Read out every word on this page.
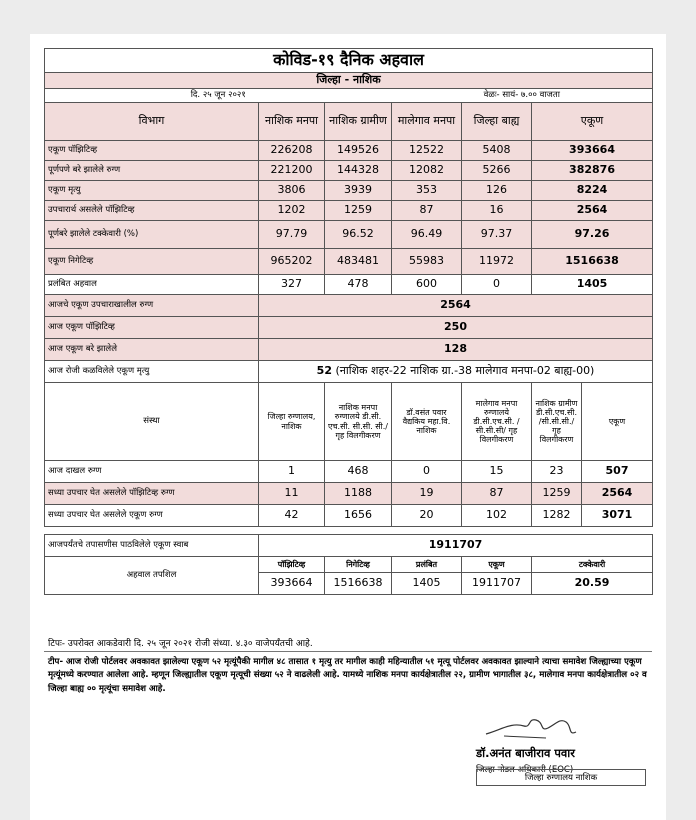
कोविड-१९ दैनिक अहवाल						
जिल्हा - नाशिक						
दि. २५ जून २०२१			वेळः- सायं- ७.०० वाजता			
विभाग	नाशिक मनपा	नाशिक ग्रामीण	मालेगाव मनपा	जिल्हा बाह्य	एकूण	
एकूण पॉझिटिव्ह	226208	149526	12522	5408	393664	
पूर्णपणे बरे झालेले रुग्ण	221200	144328	12082	5266	382876	
एकूण मृत्यु	3806	3939	353	126	8224	
उपचारार्थ असलेले पॉझिटिव्ह	1202	1259	87	16	2564	
पूर्णबरे झालेले टक्केवारी (%)	97.79	96.52	96.49	97.37	97.26	
एकूण निगेटिव्ह	965202	483481	55983	11972	1516638	
प्रलंबित अहवाल	327	478	600	0	1405	
आजचे एकूण उपचाराखालील रुग्ण	2564					
आज एकूण पॉझिटिव्ह	250					
आज एकूण बरे झालेले	128					
आज रोजी कळविलेले एकूण मृत्यु	52 (नाशिक शहर-22 नाशिक ग्रा.-38 मालेगाव मनपा-02 बाह्य-00)					
संस्था	जिल्हा रुग्णालय, नाशिक	नाशिक मनपा रुग्णालये डी.सी. एच.सी. सी.सी. सी./ गृह विलगीकरण	डॉ.वसंत पवार वैद्यकिय महा.वि. नाशिक	मालेगाव मनपा रुग्णालये डी.सी.एच.सी. /सी.सी.सी/ गृह विलगीकरण	नाशिक ग्रामीण डी.सी.एच.सी. /सी.सी.सी./ गृह विलगीकरण	एकूण
आज दाखल रुग्ण	1	468	0	15	23	507
सध्या उपचार घेत असलेले पॉझिटिव्ह रुग्ण	11	1188	19	87	1259	2564
सध्या उपचार घेत असलेले एकूण रुग्ण	42	1656	20	102	1282	3071

आजपर्यंतचे तपासणीस पाठविलेले एकूण स्वाब	1911707					
अहवाल तपशिल	पॉझिटिव्ह	निगेटिव्ह	प्रलंबित	एकूण	टक्केवारी	
	393664	1516638	1405	1911707	20.59	
टिपः- उपरोक्त आकडेवारी दि. २५ जून २०२१ रोजी संध्या. ४.३० वाजेपर्यंतची आहे.
टीप- आज रोजी पोर्टलवर अवकावत झालेल्या एकूण ५२ मृत्यूंपैकी मागील ४८ तासात १ मृत्यु तर मागील काही महिन्यातील ५१ मृत्यू पोर्टलवर अवकावत झाल्याने त्याचा समावेश जिल्ह्याच्या एकूण मृत्यूंमध्ये करण्यात आलेला आहे. म्हणून जिल्ह्यातील एकूण मृत्यूची संख्या ५२ ने वाढलेली आहे. यामध्ये नाशिक मनपा कार्यक्षेत्रातील २२, ग्रामीण भागातील ३८, मालेगाव मनपा कार्यक्षेत्रातील ०२ व जिल्हा बाह्य ०० मृत्यूंचा समावेश आहे.
डॉ.अनंत बाजीराव पवार
जिल्हा नोडल अधिकारी (EOC)
जिल्हा रुग्णालय नाशिक
